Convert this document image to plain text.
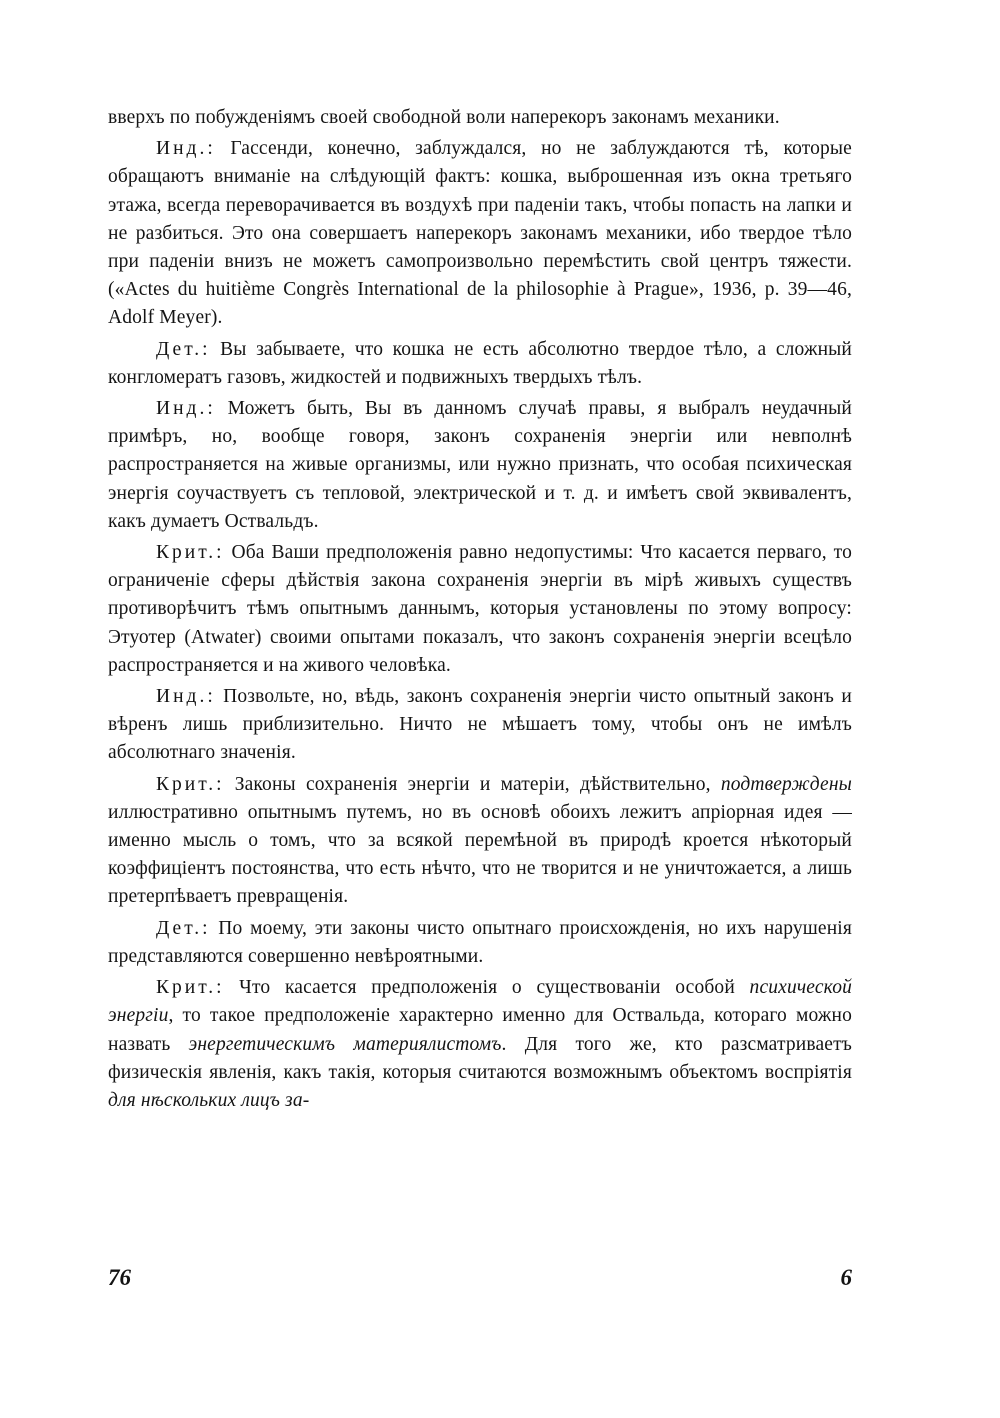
вверхъ по побужденіямъ своей свободной воли наперекоръ законамъ механики.

Инд.: Гассенди, конечно, заблуждался, но не заблуждаются тѣ, которые обращаютъ вниманіе на слѣдующій фактъ: кошка, выброшенная изъ окна третьяго этажа, всегда переворачивается въ воздухѣ при паденіи такъ, чтобы попасть на лапки и не разбиться. Это она совершаетъ наперекоръ законамъ механики, ибо твердое тѣло при паденіи внизъ не можетъ самопроизвольно перемѣстить свой центръ тяжести. («Actes du huitième Congrès International de la philosophie à Prague», 1936, p. 39—46, Adolf Meyer).

Дет.: Вы забываете, что кошка не есть абсолютно твердое тѣло, а сложный конгломератъ газовъ, жидкостей и подвижныхъ твердыхъ тѣлъ.

Инд.: Можетъ быть, Вы въ данномъ случаѣ правы, я выбралъ неудачный примѣръ, но, вообще говоря, законъ сохраненія энергіи или невполнѣ распространяется на живые организмы, или нужно признать, что особая психическая энергія соучаствуетъ съ тепловой, электрической и т. д. и имѣетъ свой эквивалентъ, какъ думаетъ Оствальдъ.

Крит.: Оба Ваши предположенія равно недопустимы: Что касается перваго, то ограниченіе сферы дѣйствія закона сохраненія энергіи въ мірѣ живыхъ существъ противорѣчитъ тѣмъ опытнымъ даннымъ, которыя установлены по этому вопросу: Этуотер (Atwater) своими опытами показалъ, что законъ сохраненія энергіи всецѣло распространяется и на живого человѣка.

Инд.: Позвольте, но, вѣдь, законъ сохраненія энергіи чисто опытный законъ и вѣренъ лишь приблизительно. Ничто не мѣшаетъ тому, чтобы онъ не имѣлъ абсолютнаго значенія.

Крит.: Законы сохраненія энергіи и матеріи, дѣйствительно, подтверждены иллюстративно опытнымъ путемъ, но въ основѣ обоихъ лежитъ апріорная идея — именно мысль о томъ, что за всякой перемѣной въ природѣ кроется нѣкоторый коэффиціентъ постоянства, что есть нѣчто, что не творится и не уничтожается, а лишь претерпѣваетъ превращенія.

Дет.: По моему, эти законы чисто опытнаго происхожденія, но ихъ нарушенія представляются совершенно невѣроятными.

Крит.: Что касается предположенія о существованіи особой психической энергіи, то такое предположеніе характерно именно для Оствальда, котораго можно назвать энергетическимъ материялистомъ. Для того же, кто разсматриваетъ физическія явленія, какъ такія, которыя считаются возможнымъ объектомъ воспріятія для нѣскольких лицъ за-

76	6
